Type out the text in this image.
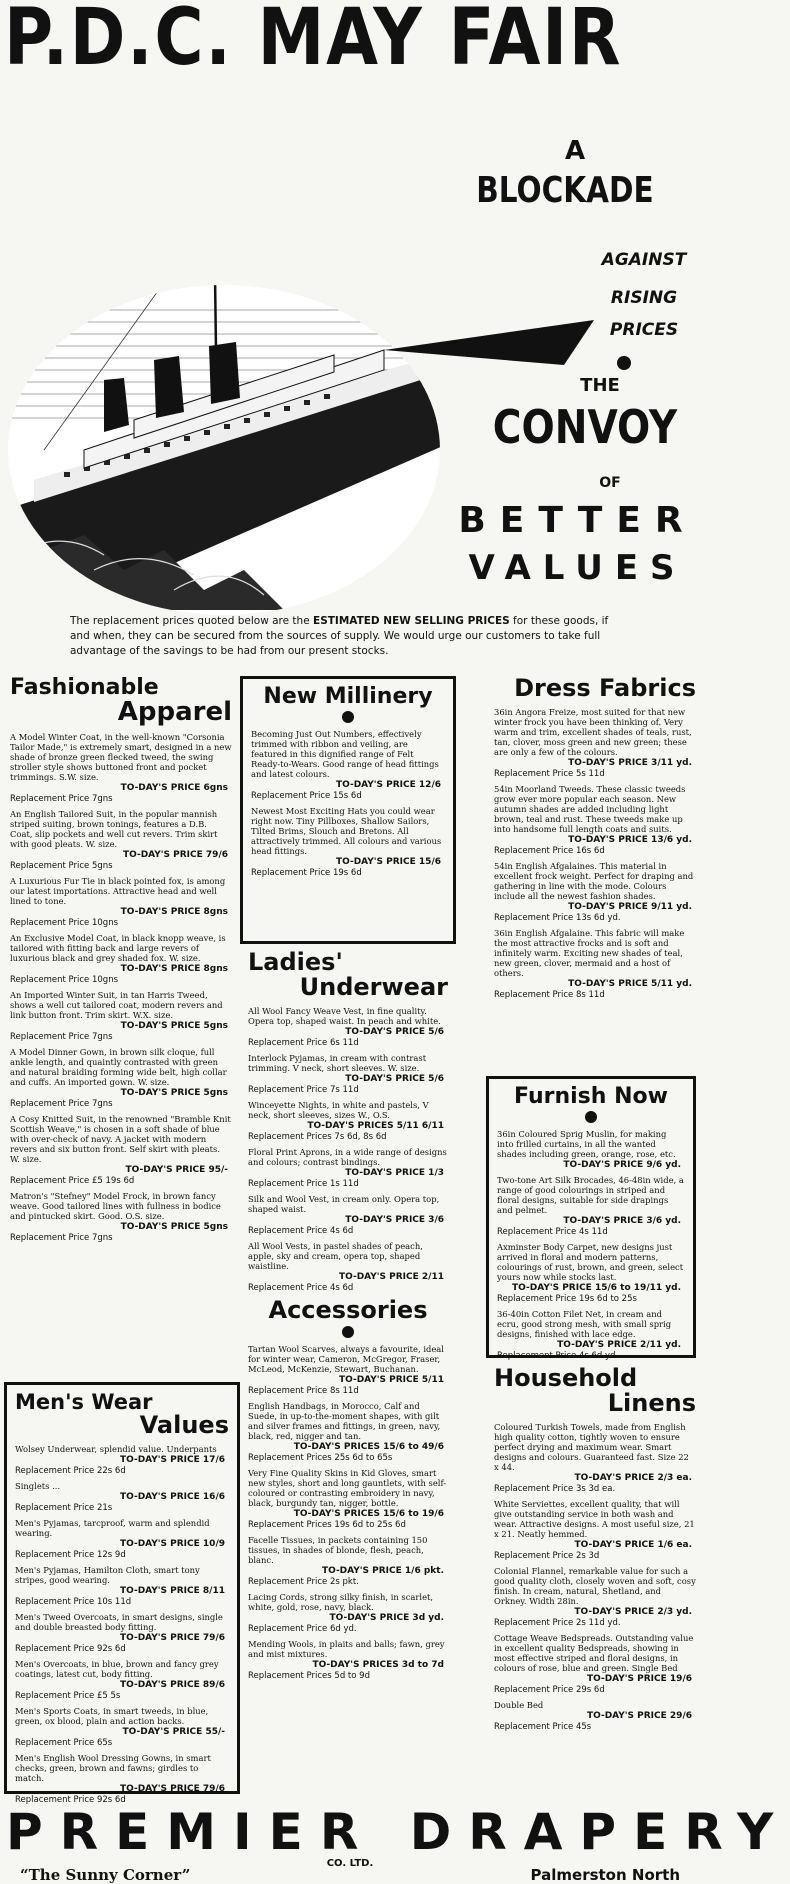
P.D.C. MAY FAIR
A
BLOCKADE
AGAINST
RISING
PRICES
THE
CONVOY
OF
BETTER
VALUES
The replacement prices quoted below are the ESTIMATED NEW SELLING PRICES for these goods, if and when, they can be secured from the sources of supply. We would urge our customers to take full advantage of the savings to be had from our present stocks.
Fashionable
Apparel
A Model Winter Coat, in the well-known "Corsonia Tailor Made," is extremely smart, designed in a new shade of bronze green flecked tweed, the swing stroller style shows buttoned front and pocket trimmings. S.W. size.
TO-DAY'S PRICE 6gns
Replacement Price 7gns
An English Tailored Suit, in the popular mannish striped suiting, brown tonings, features a D.B. Coat, slip pockets and well cut revers. Trim skirt with good pleats. W. size.
TO-DAY'S PRICE 79/6
Replacement Price 5gns
A Luxurious Fur Tie in black pointed fox, is among our latest importations. Attractive head and well lined to tone.
TO-DAY'S PRICE 8gns
Replacement Price 10gns
An Exclusive Model Coat, in black knopp weave, is tailored with fitting back and large revers of luxurious black and grey shaded fox. W. size.
TO-DAY'S PRICE 8gns
Replacement Price 10gns
An Imported Winter Suit, in tan Harris Tweed, shows a well cut tailored coat, modern revers and link button front. Trim skirt. W.X. size.
TO-DAY'S PRICE 5gns
Replacement Price 7gns
A Model Dinner Gown, in brown silk cloque, full ankle length, and quaintly contrasted with green and natural braiding forming wide belt, high collar and cuffs. An imported gown. W. size.
TO-DAY'S PRICE 5gns
Replacement Price 7gns
A Cosy Knitted Suit, in the renowned "Bramble Knit Scottish Weave," is chosen in a soft shade of blue with over-check of navy. A jacket with modern revers and six button front. Self skirt with pleats. W. size.
TO-DAY'S PRICE 95/-
Replacement Price £5 19s 6d
Matron's "Stefney" Model Frock, in brown fancy weave. Good tailored lines with fullness in bodice and pintucked skirt. Good. O.S. size.
TO-DAY'S PRICE 5gns
Replacement Price 7gns
Men's Wear
Values
Wolsey Underwear, splendid value. Underpants
TO-DAY'S PRICE 17/6
Replacement Price 22s 6d
Singlets ...
TO-DAY'S PRICE 16/6
Replacement Price 21s
Men's Pyjamas, tarcproof, warm and splendid wearing.
TO-DAY'S PRICE 10/9
Replacement Price 12s 9d
Men's Pyjamas, Hamilton Cloth, smart tony stripes, good wearing.
TO-DAY'S PRICE 8/11
Replacement Price 10s 11d
Men's Tweed Overcoats, in smart designs, single and double breasted body fitting.
TO-DAY'S PRICE 79/6
Replacement Price 92s 6d
Men's Overcoats, in blue, brown and fancy grey coatings, latest cut, body fitting.
TO-DAY'S PRICE 89/6
Replacement Price £5 5s
Men's Sports Coats, in smart tweeds, in blue, green, ox blood, plain and action backs.
TO-DAY'S PRICE 55/-
Replacement Price 65s
Men's English Wool Dressing Gowns, in smart checks, green, brown and fawns; girdles to match.
TO-DAY'S PRICE 79/6
Replacement Price 92s 6d
New Millinery
Becoming Just Out Numbers, effectively trimmed with ribbon and veiling, are featured in this dignified range of Felt Ready-to-Wears. Good range of head fittings and latest colours.
TO-DAY'S PRICE 12/6
Replacement Price 15s 6d
Newest Most Exciting Hats you could wear right now. Tiny Pillboxes, Shallow Sailors, Tilted Brims, Slouch and Bretons. All attractively trimmed. All colours and various head fittings.
TO-DAY'S PRICE 15/6
Replacement Price 19s 6d
Ladies'
Underwear
All Wool Fancy Weave Vest, in fine quality. Opera top, shaped waist. In peach and white.
TO-DAY'S PRICE 5/6
Replacement Price 6s 11d
Interlock Pyjamas, in cream with contrast trimming. V neck, short sleeves. W. size.
TO-DAY'S PRICE 5/6
Replacement Price 7s 11d
Winceyette Nights, in white and pastels, V neck, short sleeves, sizes W., O.S.
TO-DAY'S PRICES 5/11 6/11
Replacement Prices 7s 6d, 8s 6d
Floral Print Aprons, in a wide range of designs and colours; contrast bindings.
TO-DAY'S PRICE 1/3
Replacement Price 1s 11d
Silk and Wool Vest, in cream only. Opera top, shaped waist.
TO-DAY'S PRICE 3/6
Replacement Price 4s 6d
All Wool Vests, in pastel shades of peach, apple, sky and cream, opera top, shaped waistline.
TO-DAY'S PRICE 2/11
Replacement Price 4s 6d
Accessories
Tartan Wool Scarves, always a favourite, ideal for winter wear, Cameron, McGregor, Fraser, McLeod, McKenzie, Stewart, Buchanan.
TO-DAY'S PRICE 5/11
Replacement Price 8s 11d
English Handbags, in Morocco, Calf and Suede, in up-to-the-moment shapes, with gilt and silver frames and fittings, in green, navy, black, red, nigger and tan.
TO-DAY'S PRICES 15/6 to 49/6
Replacement Prices 25s 6d to 65s
Very Fine Quality Skins in Kid Gloves, smart new styles, short and long gauntlets, with self-coloured or contrasting embroidery in navy, black, burgundy tan, nigger, bottle.
TO-DAY'S PRICES 15/6 to 19/6
Replacement Prices 19s 6d to 25s 6d
Facelle Tissues, in packets containing 150 tissues, in shades of blonde, flesh, peach, blanc.
TO-DAY'S PRICE 1/6 pkt.
Replacement Price 2s pkt.
Lacing Cords, strong silky finish, in scarlet, white, gold, rose, navy, black.
TO-DAY'S PRICE 3d yd.
Replacement Price 6d yd.
Mending Wools, in plaits and balls; fawn, grey and mist mixtures.
TO-DAY'S PRICES 3d to 7d
Replacement Prices 5d to 9d
Dress Fabrics
36in Angora Freize, most suited for that new winter frock you have been thinking of. Very warm and trim, excellent shades of teals, rust, tan, clover, moss green and new green; these are only a few of the colours.
TO-DAY'S PRICE 3/11 yd.
Replacement Price 5s 11d
54in Moorland Tweeds. These classic tweeds grow ever more popular each season. New autumn shades are added including light brown, teal and rust. These tweeds make up into handsome full length coats and suits.
TO-DAY'S PRICE 13/6 yd.
Replacement Price 16s 6d
54in English Afgalaines. This material in excellent frock weight. Perfect for draping and gathering in line with the mode. Colours include all the newest fashion shades.
TO-DAY'S PRICE 9/11 yd.
Replacement Price 13s 6d yd.
36in English Afgalaine. This fabric will make the most attractive frocks and is soft and infinitely warm. Exciting new shades of teal, new green, clover, mermaid and a host of others.
TO-DAY'S PRICE 5/11 yd.
Replacement Price 8s 11d
Furnish Now
36in Coloured Sprig Muslin, for making into frilled curtains, in all the wanted shades including green, orange, rose, etc.
TO-DAY'S PRICE 9/6 yd.
Two-tone Art Silk Brocades, 46-48in wide, a range of good colourings in striped and floral designs, suitable for side drapings and pelmet.
TO-DAY'S PRICE 3/6 yd.
Replacement Price 4s 11d
Axminster Body Carpet, new designs just arrived in floral and modern patterns, colourings of rust, brown, and green, select yours now while stocks last.
TO-DAY'S PRICE 15/6 to 19/11 yd.
Replacement Price 19s 6d to 25s
36-40in Cotton Filet Net, in cream and ecru, good strong mesh, with small sprig designs, finished with lace edge.
TO-DAY'S PRICE 2/11 yd.
Replacement Price 4s 6d yd.
Household
Linens
Coloured Turkish Towels, made from English high quality cotton, tightly woven to ensure perfect drying and maximum wear. Smart designs and colours. Guaranteed fast. Size 22 x 44.
TO-DAY'S PRICE 2/3 ea.
Replacement Price 3s 3d ea.
White Serviettes, excellent quality, that will give outstanding service in both wash and wear. Attractive designs. A most useful size, 21 x 21. Neatly hemmed.
TO-DAY'S PRICE 1/6 ea.
Replacement Price 2s 3d
Colonial Flannel, remarkable value for such a good quality cloth, closely woven and soft, cosy finish. In cream, natural, Shetland, and Orkney. Width 28in.
TO-DAY'S PRICE 2/3 yd.
Replacement Price 2s 11d yd.
Cottage Weave Bedspreads. Outstanding value in excellent quality Bedspreads, showing in most effective striped and floral designs, in colours of rose, blue and green. Single Bed
TO-DAY'S PRICE 19/6
Replacement Price 29s 6d
Double Bed
TO-DAY'S PRICE 29/6
Replacement Price 45s
PREMIER DRAPERY
CO. LTD.
“The Sunny Corner”	Palmerston North
